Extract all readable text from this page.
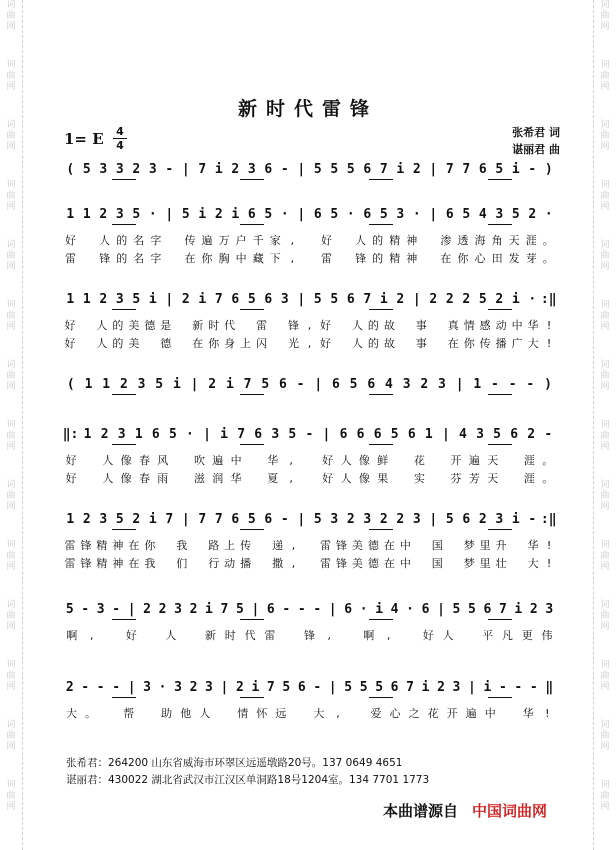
词
曲
网
词
曲
网
词
曲
网
词
曲
网
词
曲
网
词
曲
网
词
曲
网
词
曲
网
词
曲
网
词
曲
网
词
曲
网
词
曲
网
词
曲
网
词
曲
网
词
曲
网
词
曲
网
词
曲
网
词
曲
网
词
曲
网
词
曲
网
词
曲
网
词
曲
网
词
曲
网
词
曲
网
词
曲
网
词
曲
网
词
曲
网
词
曲
网
新时代雷锋
1= E 4
4
张希君 词
谌丽君 曲
( 5 3 3 2 3 - | 7 i 2 3 6 - | 5 5 5 6 7 i 2 | 7 7 6 5 i - )
1 1 2 3 5 · | 5 i 2 i 6 5 · | 6 5 · 6 5 3 · | 6 5 4 3 5 2 ·
好
人 的 名 字
传 遍 万 户 千 家 ,
	好
人 的 精 神
渗 透 海 角 天 涯 。
雷
锋 的 名 字
在 你 胸 中 藏 下 ,
	雷
锋 的 精 神
在 你 心 田 发 芽 。
1 1 2 3 5 i | 2 i 7 6 5 6 3 | 5 5 6 7 i 2 | 2 2 2 5 2 i · :‖
好
人 的 美 德 是
新 时 代
雷
锋 , 好
人 的 故
事
真 情 感 动 中 华 !
好
人 的 美
德
在 你 身 上 闪
光 , 好
人 的 故
事
在 你 传 播 广 大 !
( 1 1 2 3 5 i | 2 i 7 5 6 - | 6 5 6 4 3 2 3 | 1 - - - )
‖: 1 2 3 1 6 5 · | i 7 6 3 5 - | 6 6 6 5 6 1 | 4 3 5 6 2 -
好
	人 像 春 风
	吹 遍 中
	华	,
	好 人 像 鲜
	花
	开 遍 天
	涯 。
好
	人 像 春 雨
	滋 润 华
	夏	,
	好 人 像 果
	实
	芬 芳 天
	涯 。
1 2 3 5 2 i 7 | 7 7 6 5 6 - | 5 3 2 3 2 2 3 | 5 6 2 3 i - :‖
雷 锋 精 神 在 你
我
路 上 传
递 ,
	雷 锋 美 德 在 中
国
梦 里 升
华 !
雷 锋 精 神 在 我
们
行 动 播
撒 ,
	雷 锋 美 德 在 中
国
梦 里 壮
大 !
5 - 3 - | 2 2 3 2 i 7 5 | 6 - - - | 6 · i 4 · 6 | 5 5 6 7 i 2 3
啊	,
	好
	人
	新 时 代 雷
	锋	,
	啊	,
	好 人
	平 凡 更 伟
2 - - - | 3 · 3 2 3 | 2 i 7 5 6 - | 5 5 5 6 7 i 2 3 | i - - - ‖
大 。
	帮
	助 他 人
	情 怀 远
	大	,
	爱 心 之 花 开 遍 中
	华	!
张希君：264200 山东省威海市环翠区远遥墩路20号。137 0649 4651
谌丽君：430022 湖北省武汉市江汉区单洞路18号1204室。134 7701 1773
本曲谱源自 中国词曲网
